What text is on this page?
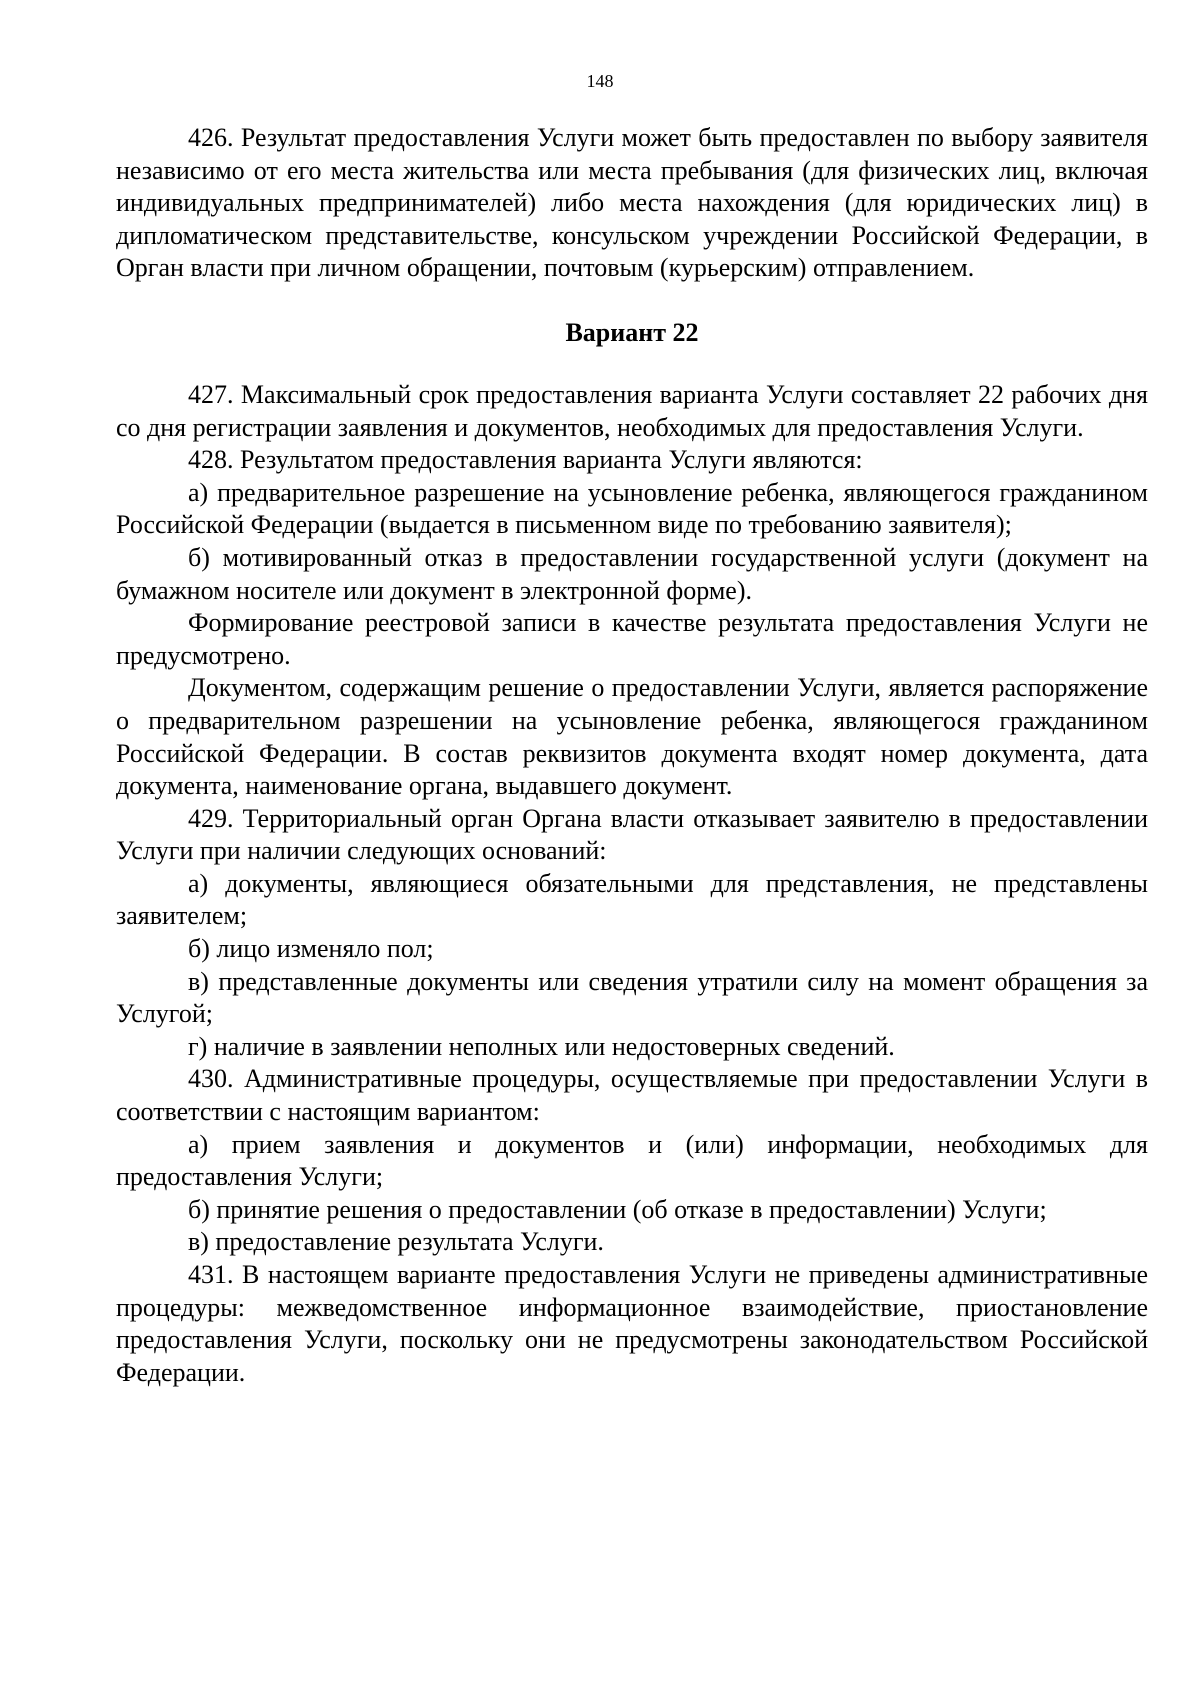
148

426. Результат предоставления Услуги может быть предоставлен по выбору заявителя независимо от его места жительства или места пребывания (для физических лиц, включая индивидуальных предпринимателей) либо места нахождения (для юридических лиц) в дипломатическом представительстве, консульском учреждении Российской Федерации, в Орган власти при личном обращении, почтовым (курьерским) отправлением.

Вариант 22

427. Максимальный срок предоставления варианта Услуги составляет 22 рабочих дня со дня регистрации заявления и документов, необходимых для предоставления Услуги.

428. Результатом предоставления варианта Услуги являются:

а) предварительное разрешение на усыновление ребенка, являющегося гражданином Российской Федерации (выдается в письменном виде по требованию заявителя);

б) мотивированный отказ в предоставлении государственной услуги (документ на бумажном носителе или документ в электронной форме).

Формирование реестровой записи в качестве результата предоставления Услуги не предусмотрено.

Документом, содержащим решение о предоставлении Услуги, является распоряжение о предварительном разрешении на усыновление ребенка, являющегося гражданином Российской Федерации. В состав реквизитов документа входят номер документа, дата документа, наименование органа, выдавшего документ.

429. Территориальный орган Органа власти отказывает заявителю в предоставлении Услуги при наличии следующих оснований:

а) документы, являющиеся обязательными для представления, не представлены заявителем;

б) лицо изменяло пол;

в) представленные документы или сведения утратили силу на момент обращения за Услугой;

г) наличие в заявлении неполных или недостоверных сведений.

430. Административные процедуры, осуществляемые при предоставлении Услуги в соответствии с настоящим вариантом:

а) прием заявления и документов и (или) информации, необходимых для предоставления Услуги;

б) принятие решения о предоставлении (об отказе в предоставлении) Услуги;

в) предоставление результата Услуги.

431. В настоящем варианте предоставления Услуги не приведены административные процедуры: межведомственное информационное взаимодействие, приостановление предоставления Услуги, поскольку они не предусмотрены законодательством Российской Федерации.
